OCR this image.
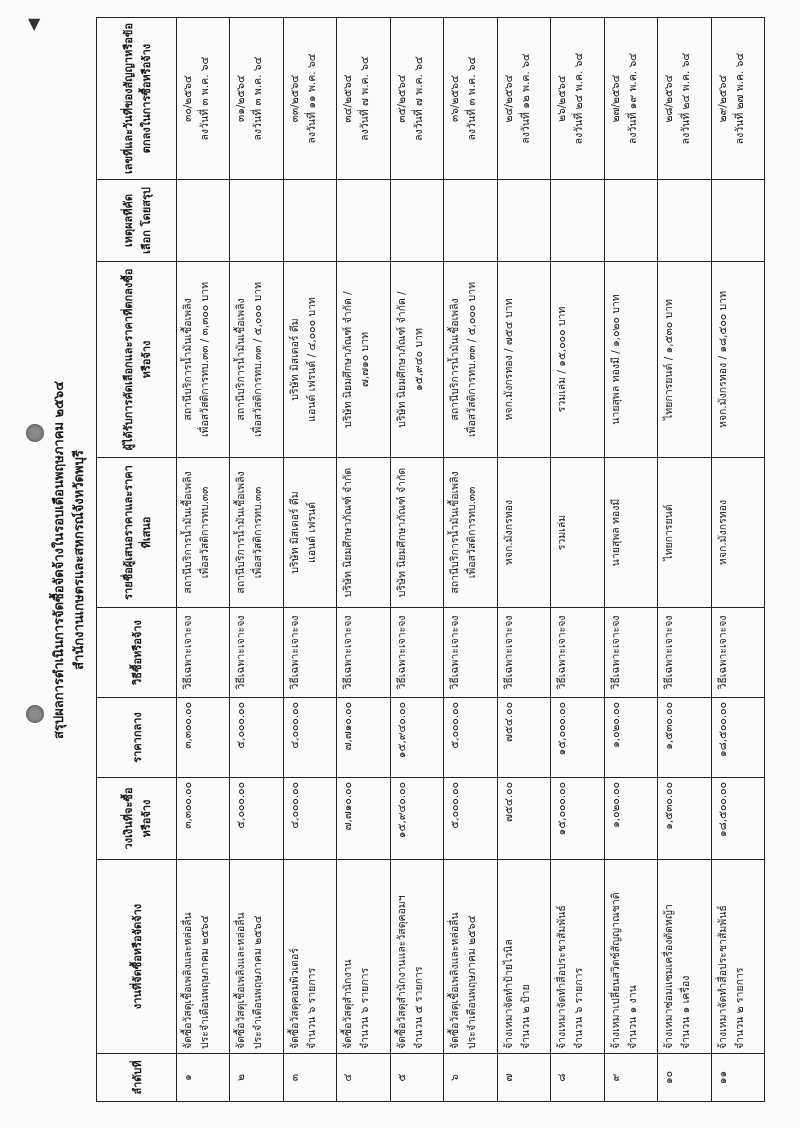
▼
สรุปผลการดำเนินการจัดซื้อจัดจ้างในรอบเดือนพฤษภาคม ๒๕๖๔ สำนักงานเกษตรและสหกรณ์จังหวัดพบุรี
ลำดับที่	งานที่จัดซื้อหรือจัดจ้าง	วงเงินที่จะซื้อหรือจ้าง	ราคากลาง	วิธีซื้อหรือจ้าง	รายชื่อผู้เสนอราคาและราคาที่เสนอ	ผู้ได้รับการคัดเลือกและราคาที่ตกลงซื้อหรือจ้าง	เหตุผลที่คัดเลือก โดยสรุป	เลขที่และวันที่ของสัญญาหรือข้อตกลงในการซื้อหรือจ้าง

๑	จัดซื้อวัสดุเชื้อเพลิงและหล่อลื่น ประจำเดือนพฤษภาคม ๒๕๖๔	๓,๓๐๐.๐๐	๓,๓๐๐.๐๐	วิธีเฉพาะเจาะจง	สถานีบริการน้ำมันเชื้อเพลิง เพื่อสวัสดิการทบ.๓๓	สถานีบริการน้ำมันเชื้อเพลิง เพื่อสวัสดิการทบ.๓๓ / ๓,๓๐๐ บาท		๓๐/๒๕๖๔ ลงวันที่ ๓ พ.ค. ๖๔

๒	จัดซื้อวัสดุเชื้อเพลิงและหล่อลื่น ประจำเดือนพฤษภาคม ๒๕๖๔	๕,๐๐๐.๐๐	๕,๐๐๐.๐๐	วิธีเฉพาะเจาะจง	สถานีบริการน้ำมันเชื้อเพลิง เพื่อสวัสดิการทบ.๓๓	สถานีบริการน้ำมันเชื้อเพลิง เพื่อสวัสดิการทบ.๓๓ / ๕,๐๐๐ บาท		๓๑/๒๕๖๔ ลงวันที่ ๓ พ.ค. ๖๔

๓	จัดซื้อวัสดุคอมพิวเตอร์ จำนวน ๖ รายการ	๔,๐๐๐.๐๐	๔,๐๐๐.๐๐	วิธีเฉพาะเจาะจง	บริษัท มิสเตอร์ ดีม แอนด์ เฟรนด์	บริษัท มิสเตอร์ ดีม แอนด์ เฟรนด์ / ๔,๐๐๐ บาท		๓๓/๒๕๖๔ ลงวันที่ ๑๑ พ.ค. ๖๔

๔	จัดซื้อวัสดุสำนักงาน จำนวน ๖ รายการ	๗,๗๑๐.๐๐	๗,๗๑๐.๐๐	วิธีเฉพาะเจาะจง	บริษัท นิยมศึกษาภัณฑ์ จำกัด	บริษัท นิยมศึกษาภัณฑ์ จำกัด / ๗,๗๑๐ บาท		๓๔/๒๕๖๔ ลงวันที่ ๗ พ.ค. ๖๔

๕	จัดซื้อวัสดุสำนักงานและวัสดุคอมฯ จำนวน ๕ รายการ	๑๕,๙๔๐.๐๐	๑๕,๙๔๐.๐๐	วิธีเฉพาะเจาะจง	บริษัท นิยมศึกษาภัณฑ์ จำกัด	บริษัท นิยมศึกษาภัณฑ์ จำกัด / ๑๕,๙๔๐ บาท		๓๕/๒๕๖๔ ลงวันที่ ๗ พ.ค. ๖๔

๖	จัดซื้อวัสดุเชื้อเพลิงและหล่อลื่น ประจำเดือนพฤษภาคม ๒๕๖๔	๕,๐๐๐.๐๐	๕,๐๐๐.๐๐	วิธีเฉพาะเจาะจง	สถานีบริการน้ำมันเชื้อเพลิง เพื่อสวัสดิการทบ.๓๓	สถานีบริการน้ำมันเชื้อเพลิง เพื่อสวัสดิการทบ.๓๓ / ๕,๐๐๐ บาท		๓๖/๒๕๖๔ ลงวันที่ ๓ พ.ค. ๖๔

๗	จ้างเหมาจัดทำป้ายไวนิล จำนวน ๒ ป้าย	๗๕๔.๐๐	๗๕๔.๐๐	วิธีเฉพาะเจาะจง	หจก.มังกรทอง	หจก.มังกรทอง / ๗๕๔ บาท		๒๔/๒๕๖๔ ลงวันที่ ๑๒ พ.ค. ๖๔

๘	จ้างเหมาจัดทำสื่อประชาสัมพันธ์ จำนวน ๖ รายการ	๑๕,๐๐๐.๐๐	๑๕,๐๐๐.๐๐	วิธีเฉพาะเจาะจง	รวมเล่ม	รวมเล่ม / ๑๕,๐๐๐ บาท		๒๖/๒๕๖๔ ลงวันที่ ๒๔ พ.ค. ๖๔

๙	จ้างเหมาเปลี่ยนสวิตช์สัญญาณชาติ จำนวน ๑ งาน	๑,๐๒๐.๐๐	๑,๐๒๐.๐๐	วิธีเฉพาะเจาะจง	นายสุพล ทองมี	นายสุพล ทองมี / ๑,๐๒๐ บาท		๒๗/๒๕๖๔ ลงวันที่ ๑๙ พ.ค. ๖๔

๑๐	จ้างเหมาซ่อมแซมเครื่องตัดหญ้า จำนวน ๑ เครื่อง	๑,๕๓๐.๐๐	๑,๕๓๐.๐๐	วิธีเฉพาะเจาะจง	ไทยการยนต์	ไทยการยนต์ / ๑,๕๓๐ บาท		๒๘/๒๕๖๔ ลงวันที่ ๒๔ พ.ค. ๖๔

๑๑	จ้างเหมาจัดทำสื่อประชาสัมพันธ์ จำนวน ๒ รายการ	๑๘,๕๐๐.๐๐	๑๘,๕๐๐.๐๐	วิธีเฉพาะเจาะจง	หจก.มังกรทอง	หจก.มังกรทอง / ๑๘,๕๐๐ บาท		๒๙/๒๕๖๔ ลงวันที่ ๒๗ พ.ค. ๖๔
